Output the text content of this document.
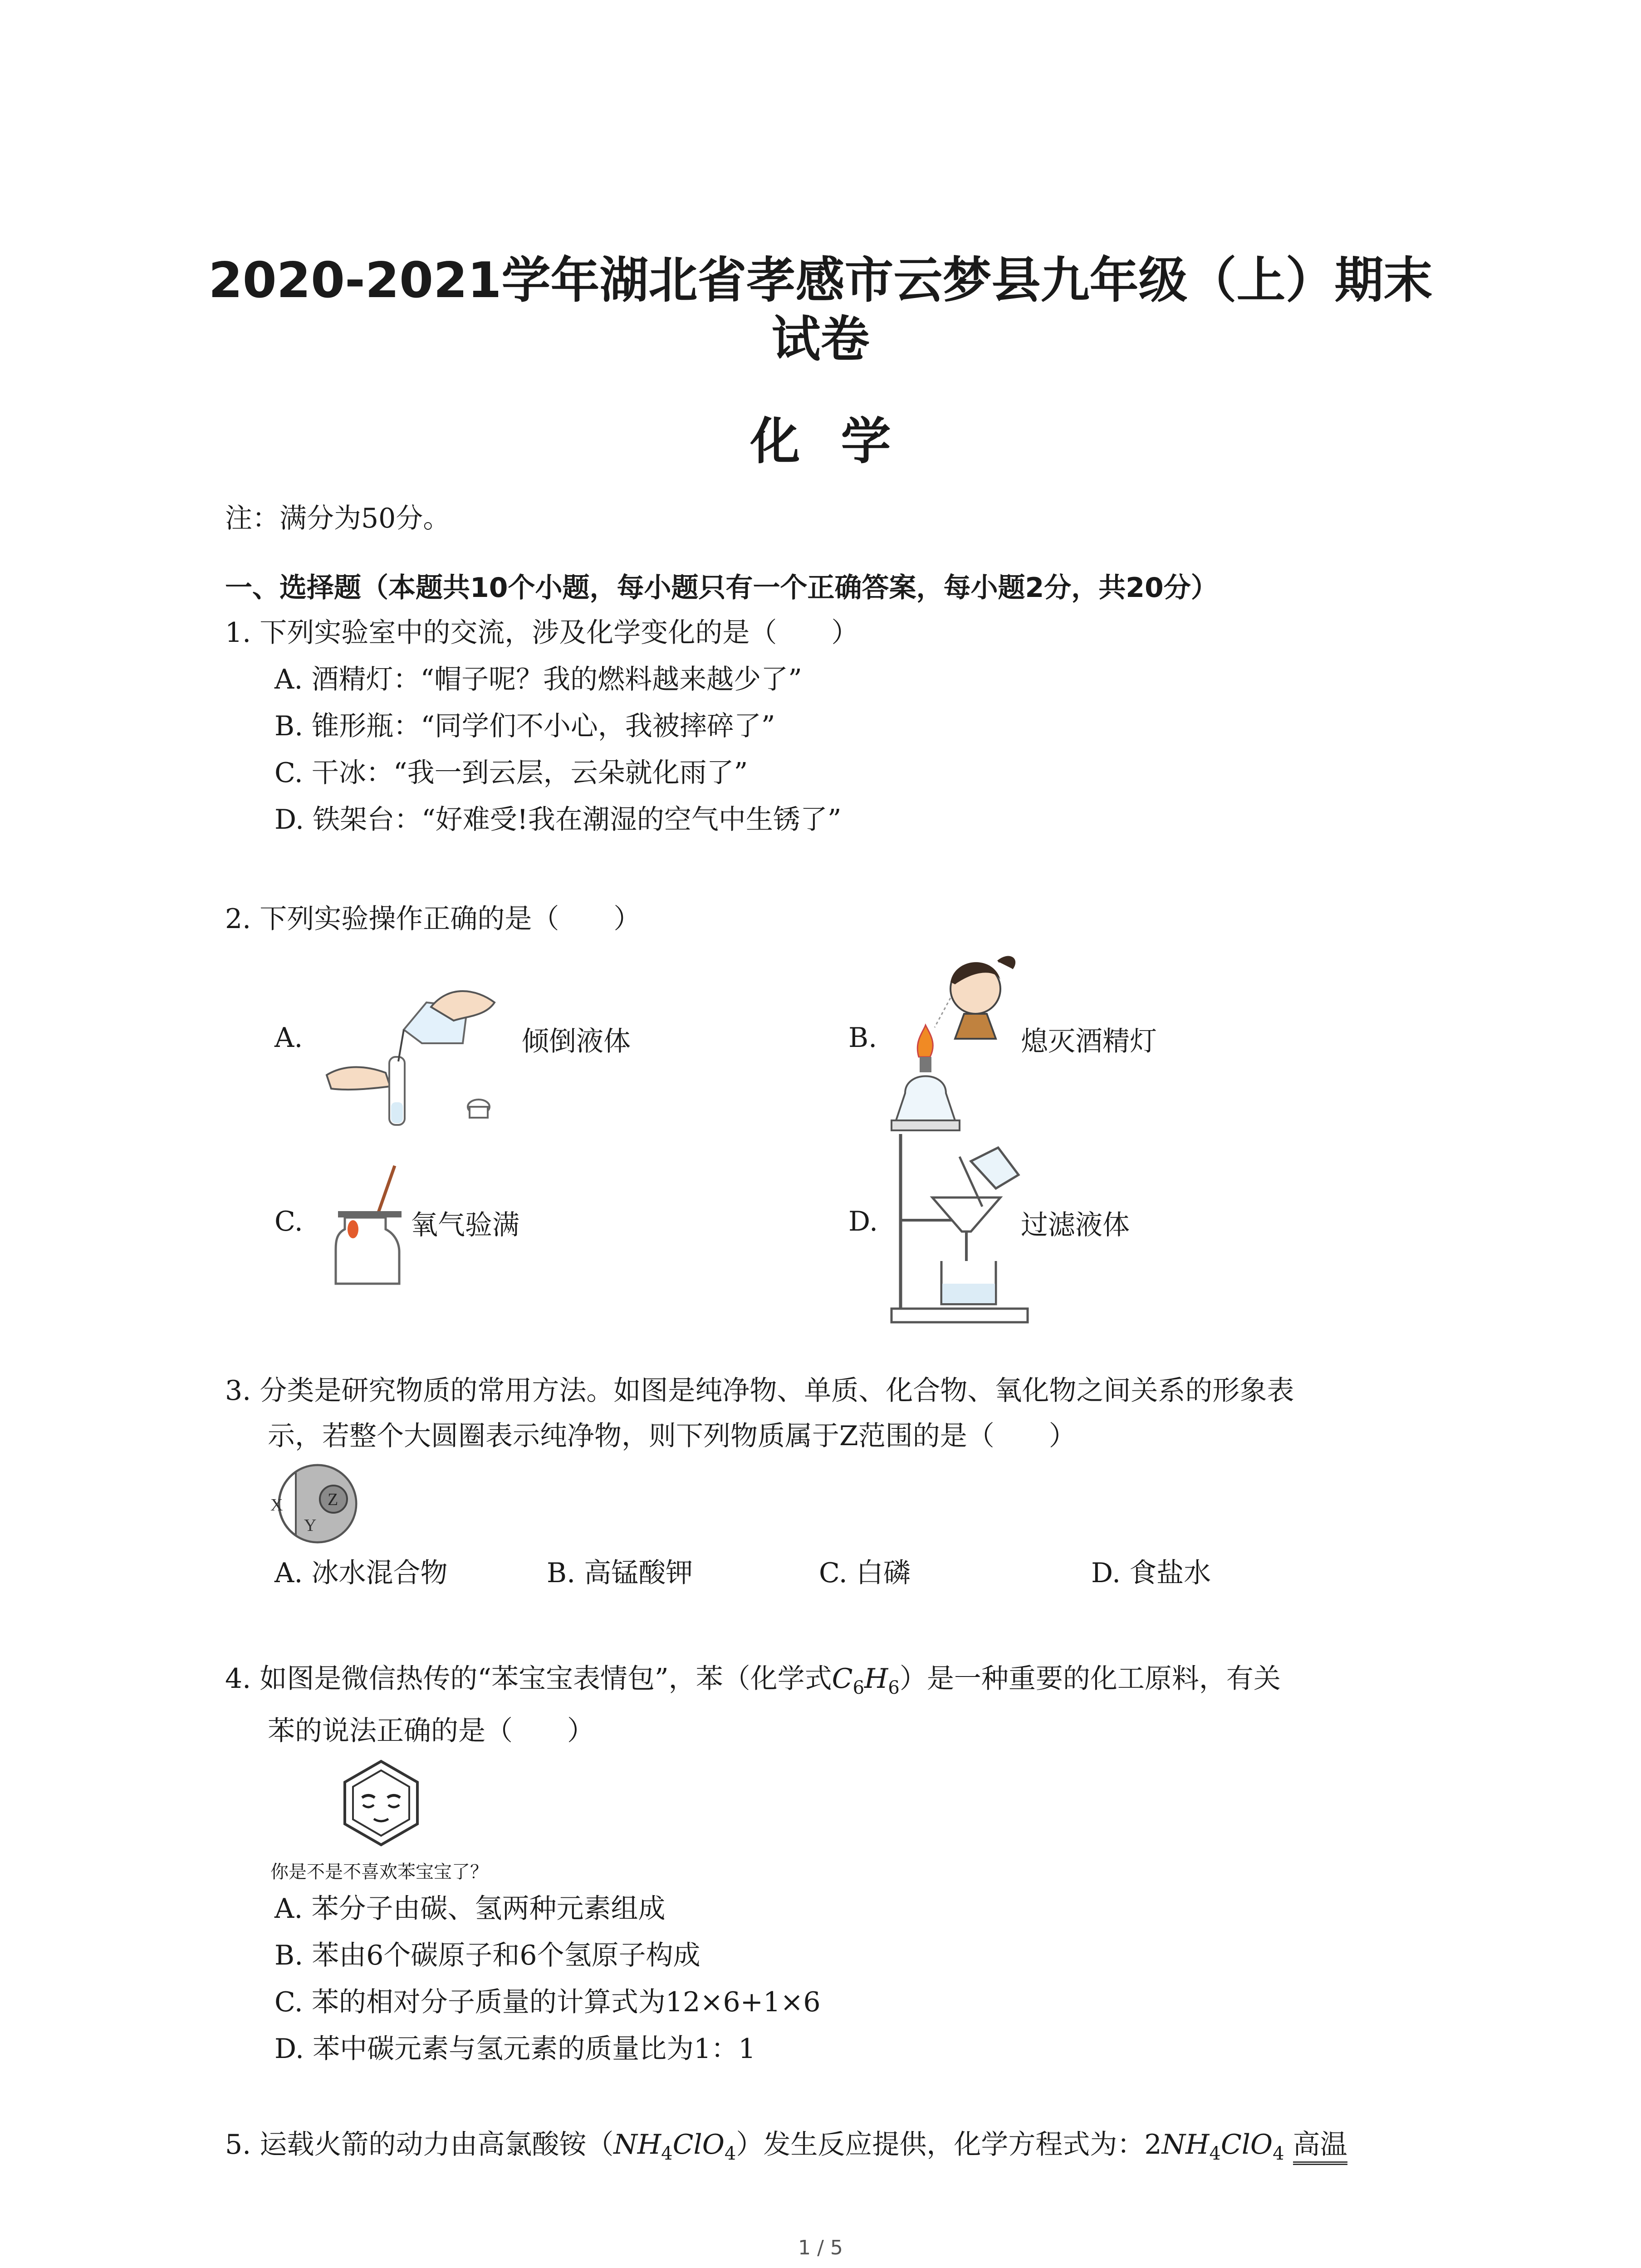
2020-2021学年湖北省孝感市云梦县九年级（上）期末
试卷
化学
注：满分为50分。
一、选择题（本题共10个小题，每小题只有一个正确答案，每小题2分，共20分）
1. 下列实验室中的交流，涉及化学变化的是（　　）
A. 酒精灯：“帽子呢？我的燃料越来越少了”
B. 锥形瓶：“同学们不小心，我被摔碎了”
C. 干冰：“我一到云层，云朵就化雨了”
D. 铁架台：“好难受!我在潮湿的空气中生锈了”
2. 下列实验操作正确的是（　　）
A.	倾倒液体	B.	熄灭酒精灯
C.	氧气验满	D.	过滤液体
3. 分类是研究物质的常用方法。如图是纯净物、单质、化合物、氧化物之间关系的形象表
示，若整个大圆圈表示纯净物，则下列物质属于Z范围的是（　　）
X
Y
Z
A. 冰水混合物	B. 高锰酸钾	C. 白磷	D. 食盐水
4. 如图是微信热传的“苯宝宝表情包”，苯（化学式$C_6H_6$）是一种重要的化工原料，有关
苯的说法正确的是（　　）
你是不是不喜欢苯宝宝了？
A. 苯分子由碳、氢两种元素组成
B. 苯由6个碳原子和6个氢原子构成
C. 苯的相对分子质量的计算式为12×6+1×6
D. 苯中碳元素与氢元素的质量比为1：1
5. 运载火箭的动力由高氯酸铵$(NH_4ClO_4)$发生反应提供，化学方程式为：$2NH_4ClO_4$ 高温
1 / 5
